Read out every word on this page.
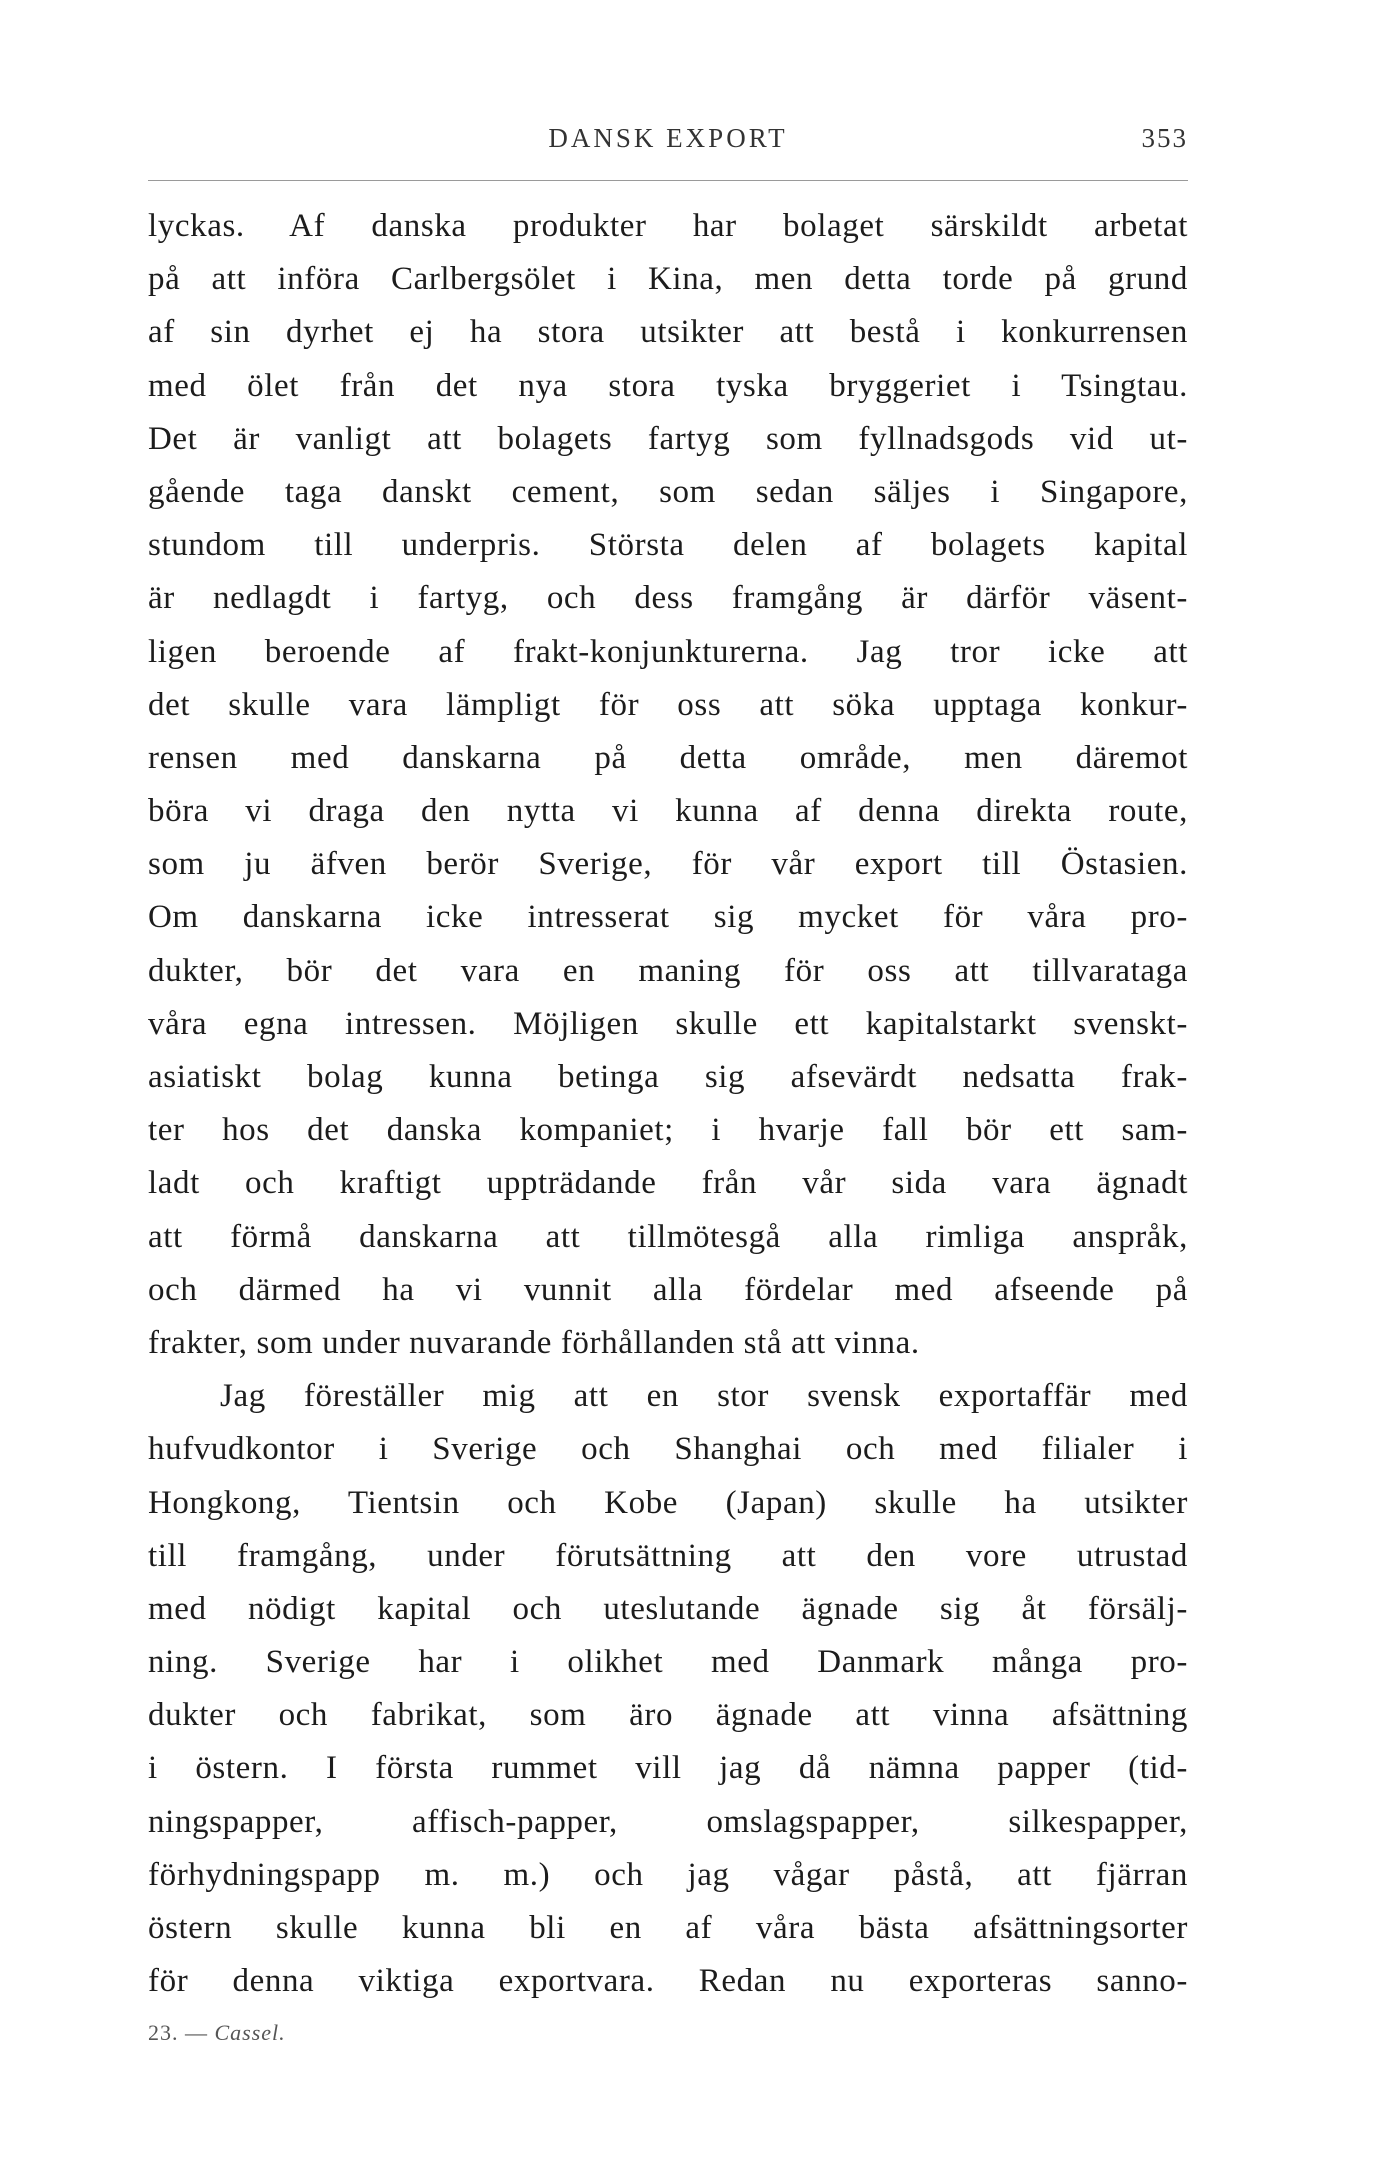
DANSK EXPORT	353
lyckas. Af danska produkter har bolaget särskildt arbetat
på att införa Carlbergsölet i Kina, men detta torde på grund
af sin dyrhet ej ha stora utsikter att bestå i konkurrensen
med ölet från det nya stora tyska bryggeriet i Tsingtau.
Det är vanligt att bolagets fartyg som fyllnadsgods vid ut-
gående taga danskt cement, som sedan säljes i Singapore,
stundom till underpris. Största delen af bolagets kapital
är nedlagdt i fartyg, och dess framgång är därför väsent-
ligen beroende af frakt-konjunkturerna. Jag tror icke att
det skulle vara lämpligt för oss att söka upptaga konkur-
rensen med danskarna på detta område, men däremot
böra vi draga den nytta vi kunna af denna direkta route,
som ju äfven berör Sverige, för vår export till Östasien.
Om danskarna icke intresserat sig mycket för våra pro-
dukter, bör det vara en maning för oss att tillvarataga
våra egna intressen. Möjligen skulle ett kapitalstarkt svenskt-
asiatiskt bolag kunna betinga sig afsevärdt nedsatta frak-
ter hos det danska kompaniet; i hvarje fall bör ett sam-
ladt och kraftigt uppträdande från vår sida vara ägnadt
att förmå danskarna att tillmötesgå alla rimliga anspråk,
och därmed ha vi vunnit alla fördelar med afseende på
frakter, som under nuvarande förhållanden stå att vinna.
Jag föreställer mig att en stor svensk exportaffär med
hufvudkontor i Sverige och Shanghai och med filialer i
Hongkong, Tientsin och Kobe (Japan) skulle ha utsikter
till framgång, under förutsättning att den vore utrustad
med nödigt kapital och uteslutande ägnade sig åt försälj-
ning. Sverige har i olikhet med Danmark många pro-
dukter och fabrikat, som äro ägnade att vinna afsättning
i östern. I första rummet vill jag då nämna papper (tid-
ningspapper, affisch-papper, omslagspapper, silkespapper,
förhydningspapp m. m.) och jag vågar påstå, att fjärran
östern skulle kunna bli en af våra bästa afsättningsorter
för denna viktiga exportvara. Redan nu exporteras sanno-
23. — Cassel.
